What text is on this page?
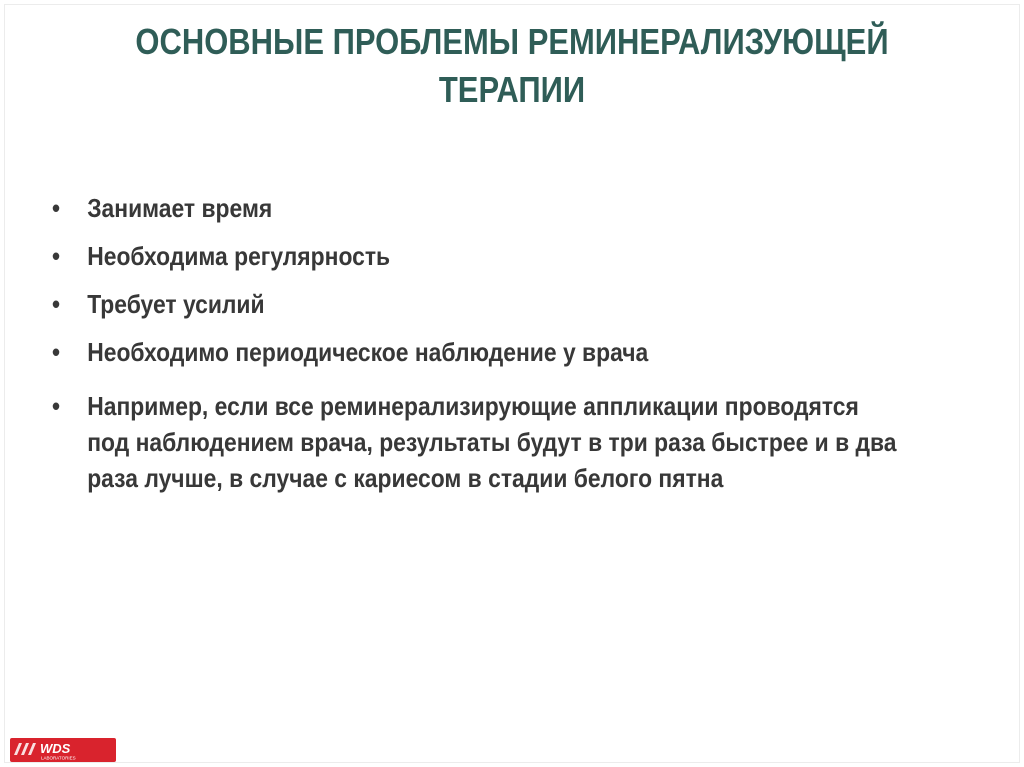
ОСНОВНЫЕ ПРОБЛЕМЫ РЕМИНЕРАЛИЗУЮЩЕЙ
ТЕРАПИИ
• Занимает время
• Необходима регулярность
• Требует усилий
• Необходимо периодическое наблюдение у врача
• Например, если все реминерализирующие аппликации проводятся под наблюдением врача, результаты будут в три раза быстрее и в два раза лучше, в случае с кариесом в стадии белого пятна
WDS
LABORATORIES
